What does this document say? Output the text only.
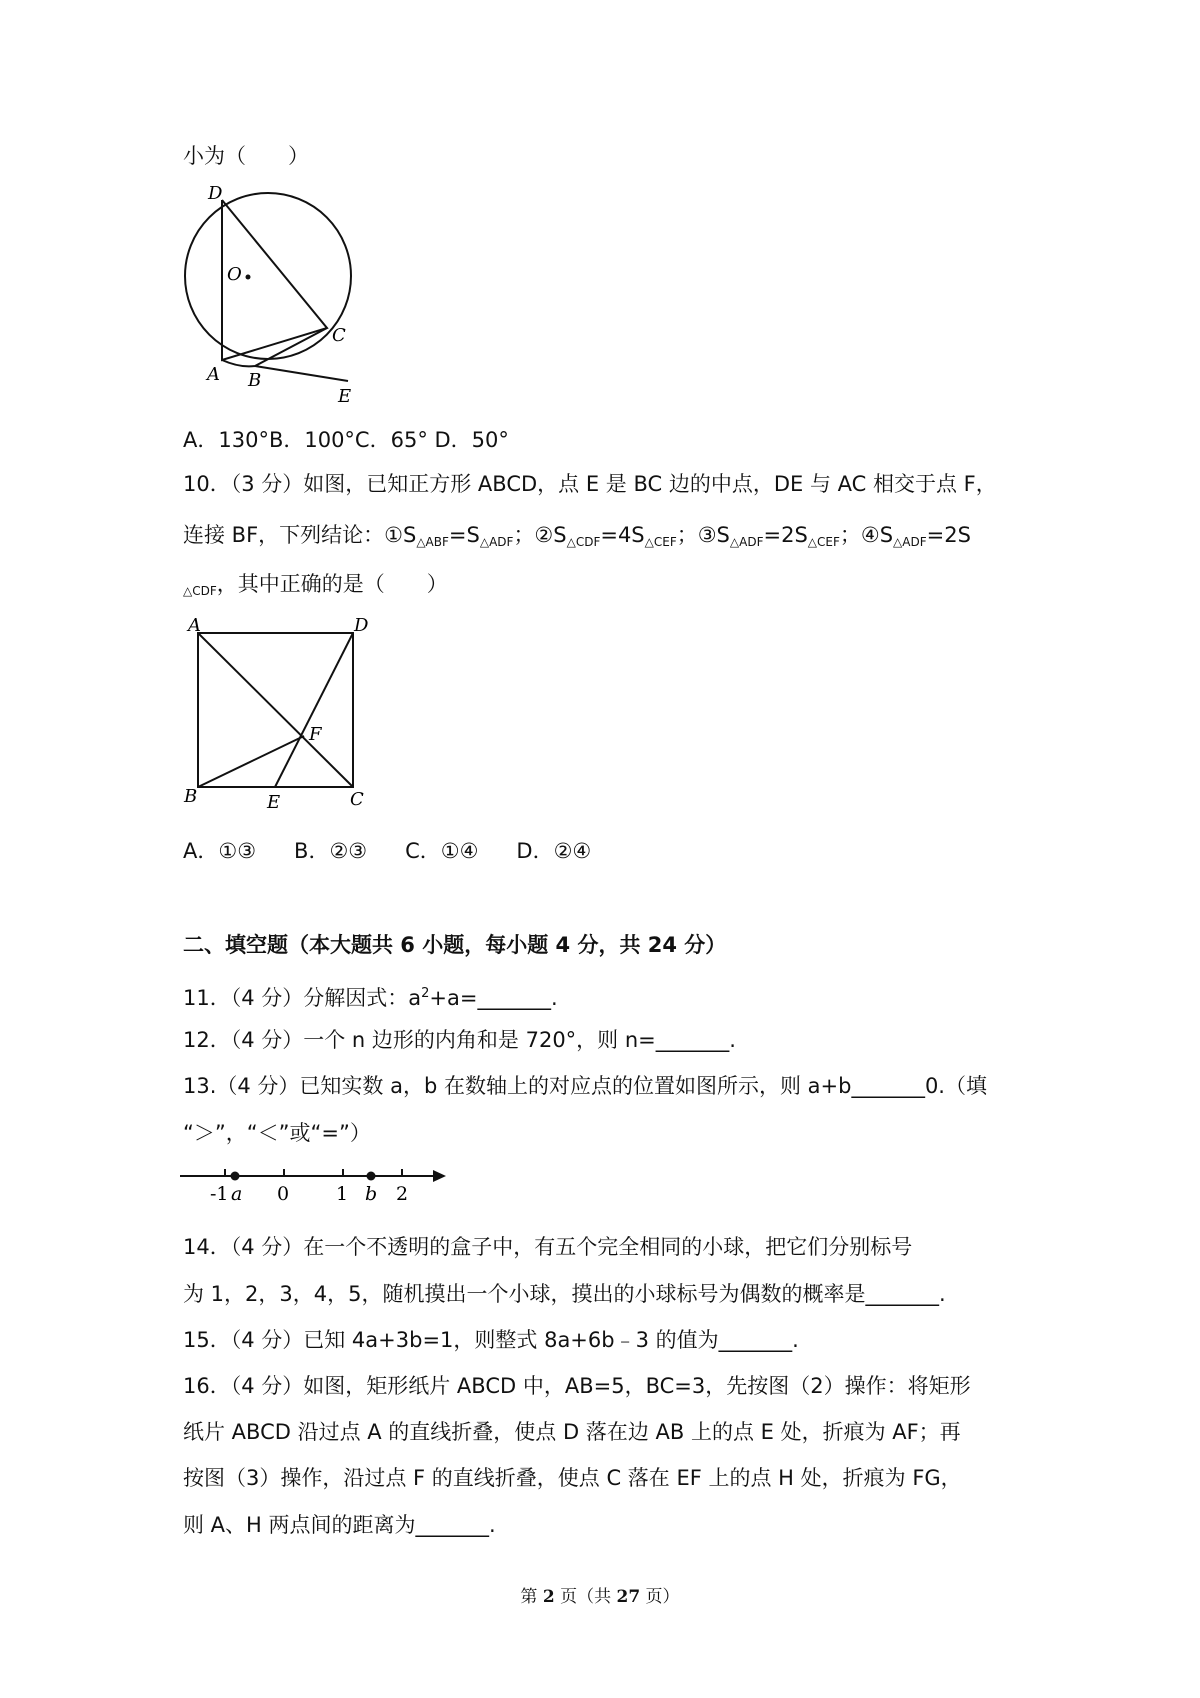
小为（　　）
D
O
C
A B
E
A．130°B．100°C．65° D．50°
10．（3 分）如图，已知正方形 ABCD，点 E 是 BC 边的中点，DE 与 AC 相交于点 F，
连接 BF，下列结论：$①S_{\triangle ABF}=S_{\triangle ADF}$；$②S_{\triangle CDF}=4S_{\triangle CEF}$；$③S_{\triangle ADF}=2S_{\triangle CEF}$；$④S_{\triangle ADF}=2S$
$_{\triangle CDF}$，其中正确的是（　　）
A	D
F
B	E	C
A．①③ B．②③ C．①④ D．②④
二、填空题（本大题共 6 小题，每小题 4 分，共 24 分）
11．（4 分）分解因式：$a^2+a=\_\_\_\_\_\_\_$.
12．（4 分）一个 n 边形的内角和是 720°，则 n=_______.
13.（4 分）已知实数 a，b 在数轴上的对应点的位置如图所示，则 a+b_______0.（填
“＞”，“＜”或“=”）
-1 a 0 1 b 2
14．（4 分）在一个不透明的盒子中，有五个完全相同的小球，把它们分别标号
为 1，2，3，4，5，随机摸出一个小球，摸出的小球标号为偶数的概率是_______.
15．（4 分）已知 4a+3b=1，则整式 8a+6b﹣3 的值为_______.
16．（4 分）如图，矩形纸片 ABCD 中，AB=5，BC=3，先按图（2）操作：将矩形
纸片 ABCD 沿过点 A 的直线折叠，使点 D 落在边 AB 上的点 E 处，折痕为 AF；再
按图（3）操作，沿过点 F 的直线折叠，使点 C 落在 EF 上的点 H 处，折痕为 FG，
则 A、H 两点间的距离为_______.
第 2 页（共 27 页）
